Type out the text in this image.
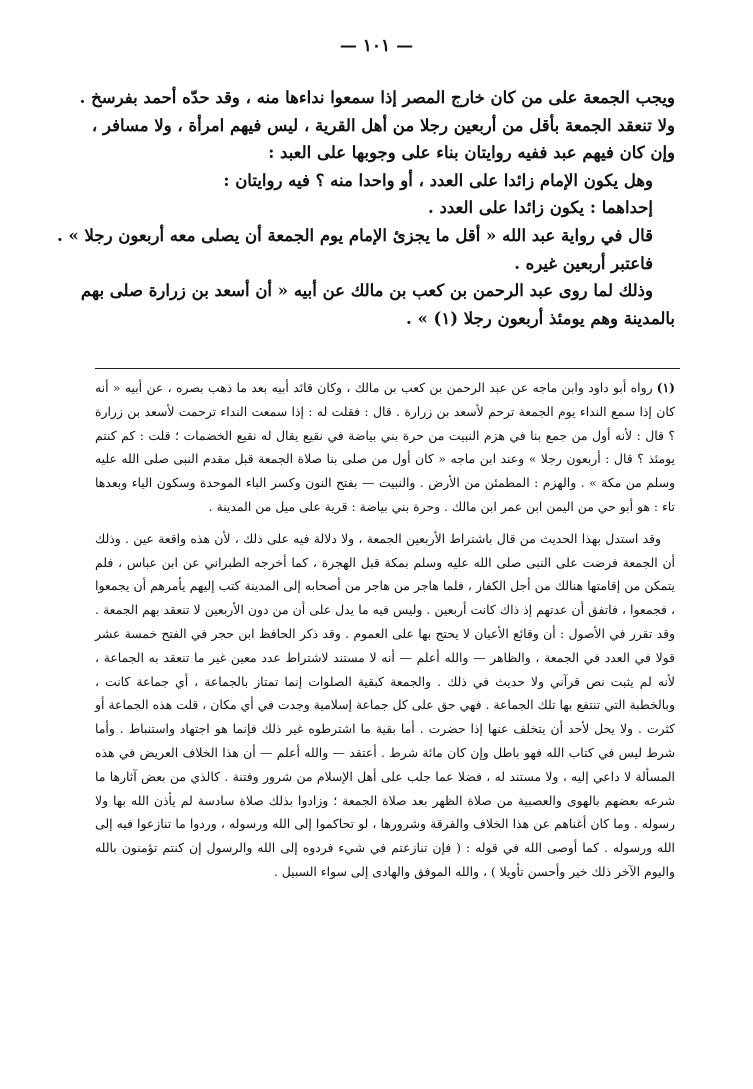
— ١٠١ —

ويجب الجمعة على من كان خارج المصر إذا سمعوا نداءها منه ، وقد حدّه أحمد بفرسخ .

ولا تنعقد الجمعة بأقل من أربعين رجلا من أهل القرية ، ليس فيهم امرأة ، ولا مسافر ،

وإن كان فيهم عبد ففيه روايتان بناء على وجوبها على العبد :

وهل يكون الإمام زائدا على العدد ، أو واحدا منه ؟ فيه روايتان :

إحداهما : يكون زائدا على العدد .

قال في رواية عبد الله « أقل ما يجزئ الإمام يوم الجمعة أن يصلى معه أربعون رجلا » .

فاعتبر أربعين غيره .

وذلك لما روى عبد الرحمن بن كعب بن مالك عن أبيه « أن أسعد بن زرارة صلى بهم

بالمدينة وهم يومئذ أربعون رجلا (١) » .

(١)رواه أبو داود وابن ماجه عن عبد الرحمن بن كعب بن مالك ، وكان قائد أبيه بعد ما ذهب بصره ، عن أبيه « أنه كان إذا سمع النداء يوم الجمعة ترحم لأسعد بن زرارة . قال : فقلت له : إذا سمعت النداء ترحمت لأسعد بن زرارة ؟ قال : لأنه أول من جمع بنا في هزم النبيت من حرة بني بياضة في نقيع يقال له نقيع الخضمات ؛ قلت : كم كنتم يومئذ ؟ قال : أربعون رجلا » وعند ابن ماجه « كان أول من صلى بنا صلاة الجمعة قبل مقدم النبى صلى الله عليه وسلم من مكة » . والهزم : المطمئن من الأرض . والنبيت — بفتح النون وكسر الباء الموحدة وسكون الياء وبعدها تاء : هو أبو حي من اليمن ابن عمر ابن مالك . وحرة بني بياضة : قرية على ميل من المدينة .

وقد استدل بهذا الحديث من قال باشتراط الأربعين الجمعة ، ولا دلالة فيه على ذلك ، لأن هذه واقعة عين . وذلك أن الجمعة فرضت على النبى صلى الله عليه وسلم بمكة قبل الهجرة ، كما أخرجه الطبراني عن ابن عباس ، فلم يتمكن من إقامتها هنالك من أجل الكفار ، فلما هاجر من هاجر من أصحابه إلى المدينة كتب إليهم يأمرهم أن يجمعوا ، فجمعوا ، فاتفق أن عدتهم إذ ذاك كانت أربعين . وليس فيه ما يدل على أن من دون الأربعين لا تنعقد بهم الجمعة . وقد تقرر في الأصول : أن وقائع الأعيان لا يحتج بها على العموم . وقد ذكر الحافظ ابن حجر في الفتح خمسة عشر قولا في العدد في الجمعة ، والظاهر — والله أعلم — أنه لا مستند لاشتراط عدد معين غير ما تنعقد به الجماعة ، لأنه لم يثبت نص قرآني ولا حديث في ذلك . والجمعة كبقية الصلوات إنما تمتاز بالجماعة ، أي جماعة كانت ، وبالخطبة التي تنتفع بها تلك الجماعة . فهي حق على كل جماعة إسلامية وجدت في أي مكان ، قلت هذه الجماعة أو كثرت . ولا يحل لأحد أن يتخلف عنها إذا حضرت . أما بقية ما اشترطوه غير ذلك فإنما هو اجتهاد واستنباط . وأما شرط ليس في كتاب الله فهو باطل وإن كان مائة شرط . أعتقد — والله أعلم — أن هذا الخلاف العريض في هذه المسألة لا داعي إليه ، ولا مستند له ، فضلا عما جلب على أهل الإسلام من شرور وفتنة . كالذي من بعض آثارها ما شرعه بعضهم بالهوى والعصبية من صلاة الظهر بعد صلاة الجمعة ؛ وزادوا بذلك صلاة سادسة لم يأذن الله بها ولا رسوله . وما كان أغناهم عن هذا الخلاف والفرقة وشرورها ، لو تحاكموا إلى الله ورسوله ، وردوا ما تنازعوا فيه إلى الله ورسوله . كما أوصى الله في قوله : ( فإن تنازعتم في شيء فردوه إلى الله والرسول إن كنتم تؤمنون بالله واليوم الآخر ذلك خير وأحسن تأويلا ) ، والله الموفق والهادى إلى سواء السبيل .
